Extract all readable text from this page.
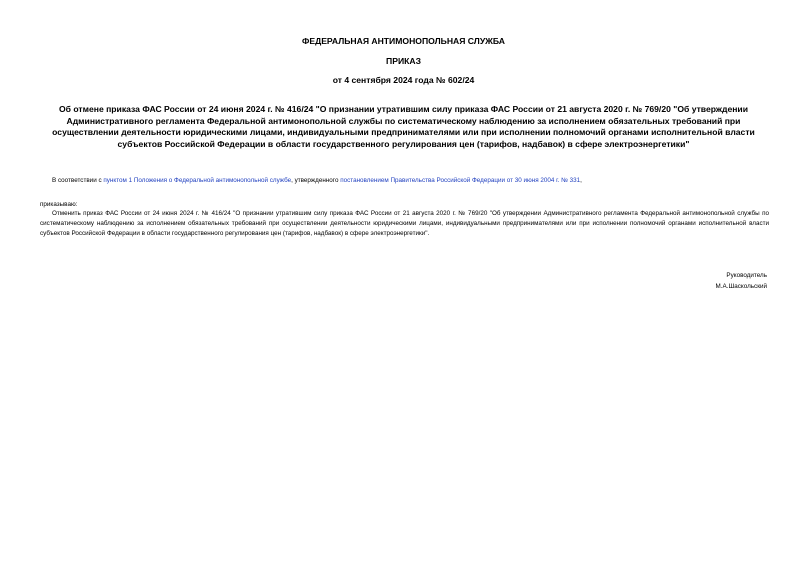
ФЕДЕРАЛЬНАЯ АНТИМОНОПОЛЬНАЯ СЛУЖБА
ПРИКАЗ
от 4 сентября 2024 года № 602/24
Об отмене приказа ФАС России от 24 июня 2024 г. № 416/24 "О признании утратившим силу приказа ФАС России от 21 августа 2020 г. № 769/20 "Об утверждении Административного регламента Федеральной антимонопольной службы по систематическому наблюдению за исполнением обязательных требований при осуществлении деятельности юридическими лицами, индивидуальными предпринимателями или при исполнении полномочий органами исполнительной власти субъектов Российской Федерации в области государственного регулирования цен (тарифов, надбавок) в сфере электроэнергетики"
В соответствии с пунктом 1 Положения о Федеральной антимонопольной службе, утвержденного постановлением Правительства Российской Федерации от 30 июня 2004 г. № 331,
приказываю:
Отменить приказ ФАС России от 24 июня 2024 г. № 416/24 "О признании утратившим силу приказа ФАС России от 21 августа 2020 г. № 769/20 "Об утверждении Административного регламента Федеральной антимонопольной службы по систематическому наблюдению за исполнением обязательных требований при осуществлении деятельности юридическими лицами, индивидуальными предпринимателями или при исполнении полномочий органами исполнительной власти субъектов Российской Федерации в области государственного регулирования цен (тарифов, надбавок) в сфере электроэнергетики".
Руководитель
М.А.Шаскольский
